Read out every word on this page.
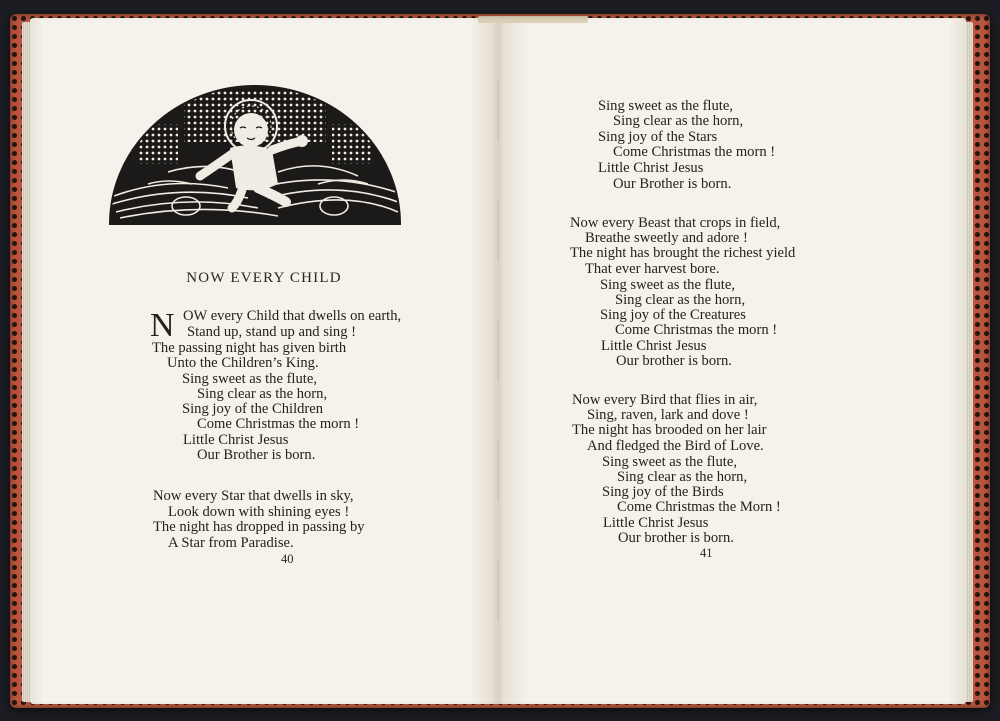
NOW EVERY CHILD
N OW every Child that dwells on earth,
Stand up, stand up and sing !
The passing night has given birth
Unto the Children’s King.
Sing sweet as the flute,
Sing clear as the horn,
Sing joy of the Children
Come Christmas the morn !
Little Christ Jesus
Our Brother is born.
Now every Star that dwells in sky,
Look down with shining eyes !
The night has dropped in passing by
A Star from Paradise.
40
Sing sweet as the flute,
Sing clear as the horn,
Sing joy of the Stars
Come Christmas the morn !
Little Christ Jesus
Our Brother is born.
Now every Beast that crops in field,
Breathe sweetly and adore !
The night has brought the richest yield
That ever harvest bore.
Sing sweet as the flute,
Sing clear as the horn,
Sing joy of the Creatures
Come Christmas the morn !
Little Christ Jesus
Our brother is born.
Now every Bird that flies in air,
Sing, raven, lark and dove !
The night has brooded on her lair
And fledged the Bird of Love.
Sing sweet as the flute,
Sing clear as the horn,
Sing joy of the Birds
Come Christmas the Morn !
Little Christ Jesus
Our brother is born.
41
